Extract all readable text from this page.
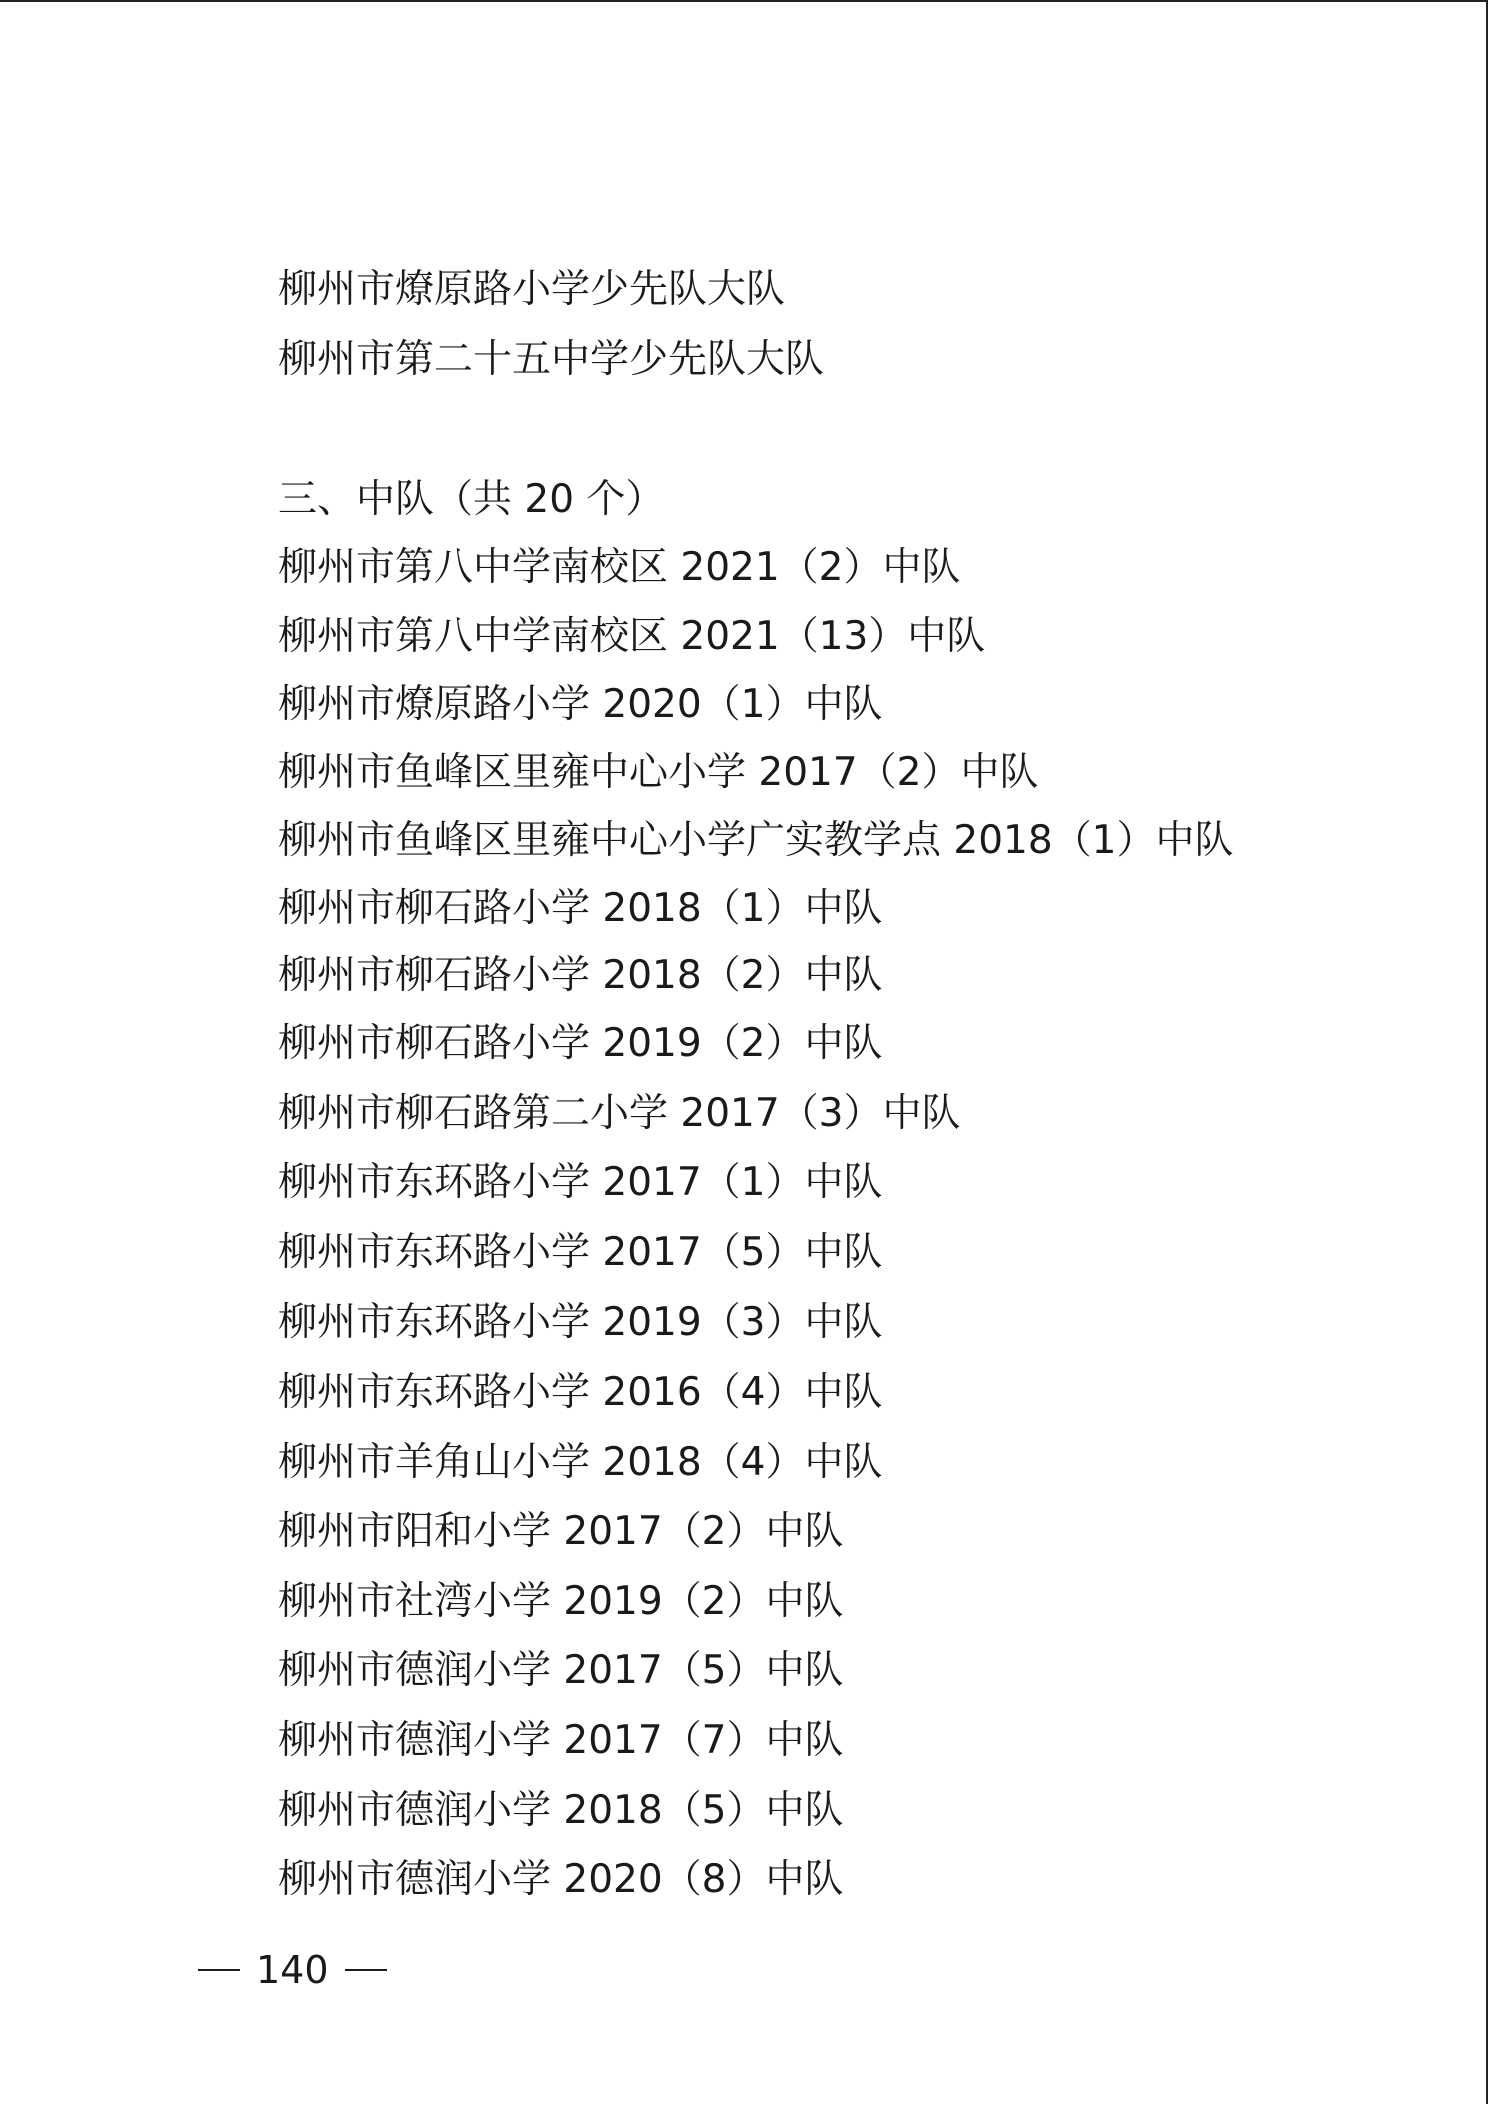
柳州市燎原路小学少先队大队
柳州市第二十五中学少先队大队
三、中队（共 20 个）
柳州市第八中学南校区 2021（2）中队
柳州市第八中学南校区 2021（13）中队
柳州市燎原路小学 2020（1）中队
柳州市鱼峰区里雍中心小学 2017（2）中队
柳州市鱼峰区里雍中心小学广实教学点 2018（1）中队
柳州市柳石路小学 2018（1）中队
柳州市柳石路小学 2018（2）中队
柳州市柳石路小学 2019（2）中队
柳州市柳石路第二小学 2017（3）中队
柳州市东环路小学 2017（1）中队
柳州市东环路小学 2017（5）中队
柳州市东环路小学 2019（3）中队
柳州市东环路小学 2016（4）中队
柳州市羊角山小学 2018（4）中队
柳州市阳和小学 2017（2）中队
柳州市社湾小学 2019（2）中队
柳州市德润小学 2017（5）中队
柳州市德润小学 2017（7）中队
柳州市德润小学 2018（5）中队
柳州市德润小学 2020（8）中队
140
